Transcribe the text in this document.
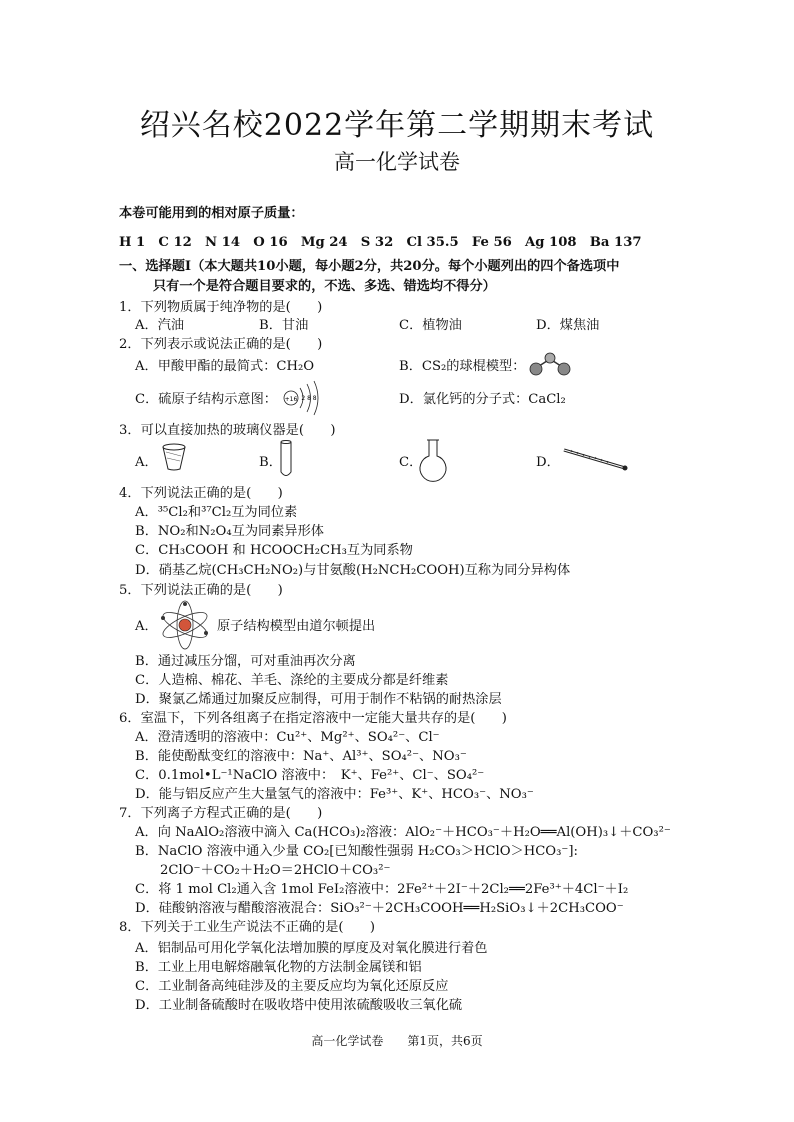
绍兴名校2022学年第二学期期末考试
高一化学试卷
本卷可能用到的相对原子质量：
H 1　C 12　N 14　O 16　Mg 24　S 32　Cl 35.5　Fe 56　Ag 108　Ba 137
一、选择题Ⅰ（本大题共10小题，每小题2分，共20分。每个小题列出的四个备选项中
只有一个是符合题目要求的，不选、多选、错选均不得分）
1．下列物质属于纯净物的是(　　)
A．汽油	B．甘油	C．植物油	D．煤焦油
2．下列表示或说法正确的是(　　)
A．甲酸甲酯的最简式：CH₂O	B．CS₂的球棍模型：
C．硫原子结构示意图： +16 2 8 8	D．氯化钙的分子式：CaCl₂
3．可以直接加热的玻璃仪器是(　　)
A．	B．	C．	D．
4．下列说法正确的是(　　)
A．³⁵Cl₂和³⁷Cl₂互为同位素
B．NO₂和N₂O₄互为同素异形体
C．CH₃COOH 和 HCOOCH₂CH₃互为同系物
D．硝基乙烷(CH₃CH₂NO₂)与甘氨酸(H₂NCH₂COOH)互称为同分异构体
5．下列说法正确的是(　　)
A．	原子结构模型由道尔顿提出
B．通过减压分馏，可对重油再次分离
C．人造棉、棉花、羊毛、涤纶的主要成分都是纤维素
D．聚氯乙烯通过加聚反应制得，可用于制作不粘锅的耐热涂层
6．室温下，下列各组离子在指定溶液中一定能大量共存的是(　　)
A．澄清透明的溶液中：Cu²⁺、Mg²⁺、SO₄²⁻、Cl⁻
B．能使酚酞变红的溶液中：Na⁺、Al³⁺、SO₄²⁻、NO₃⁻
C．0.1mol•L⁻¹NaClO 溶液中：　K⁺、Fe²⁺、Cl⁻、SO₄²⁻
D．能与铝反应产生大量氢气的溶液中：Fe³⁺、K⁺、HCO₃⁻、NO₃⁻
7．下列离子方程式正确的是(　　)
A．向 NaAlO₂溶液中滴入 Ca(HCO₃)₂溶液：AlO₂⁻＋HCO₃⁻＋H₂O══Al(OH)₃↓＋CO₃²⁻
B．NaClO 溶液中通入少量 CO₂[已知酸性强弱 H₂CO₃＞HClO＞HCO₃⁻]:
2ClO⁻＋CO₂＋H₂O＝2HClO＋CO₃²⁻
C．将 1 mol Cl₂通入含 1mol FeI₂溶液中：2Fe²⁺＋2I⁻＋2Cl₂══2Fe³⁺＋4Cl⁻＋I₂
D．硅酸钠溶液与醋酸溶液混合：SiO₃²⁻＋2CH₃COOH══H₂SiO₃↓＋2CH₃COO⁻
8．下列关于工业生产说法不正确的是(　　)
A．铝制品可用化学氧化法增加膜的厚度及对氧化膜进行着色
B．工业上用电解熔融氧化物的方法制金属镁和铝
C．工业制备高纯硅涉及的主要反应均为氧化还原反应
D．工业制备硫酸时在吸收塔中使用浓硫酸吸收三氧化硫
高一化学试卷　　第1页，共6页
